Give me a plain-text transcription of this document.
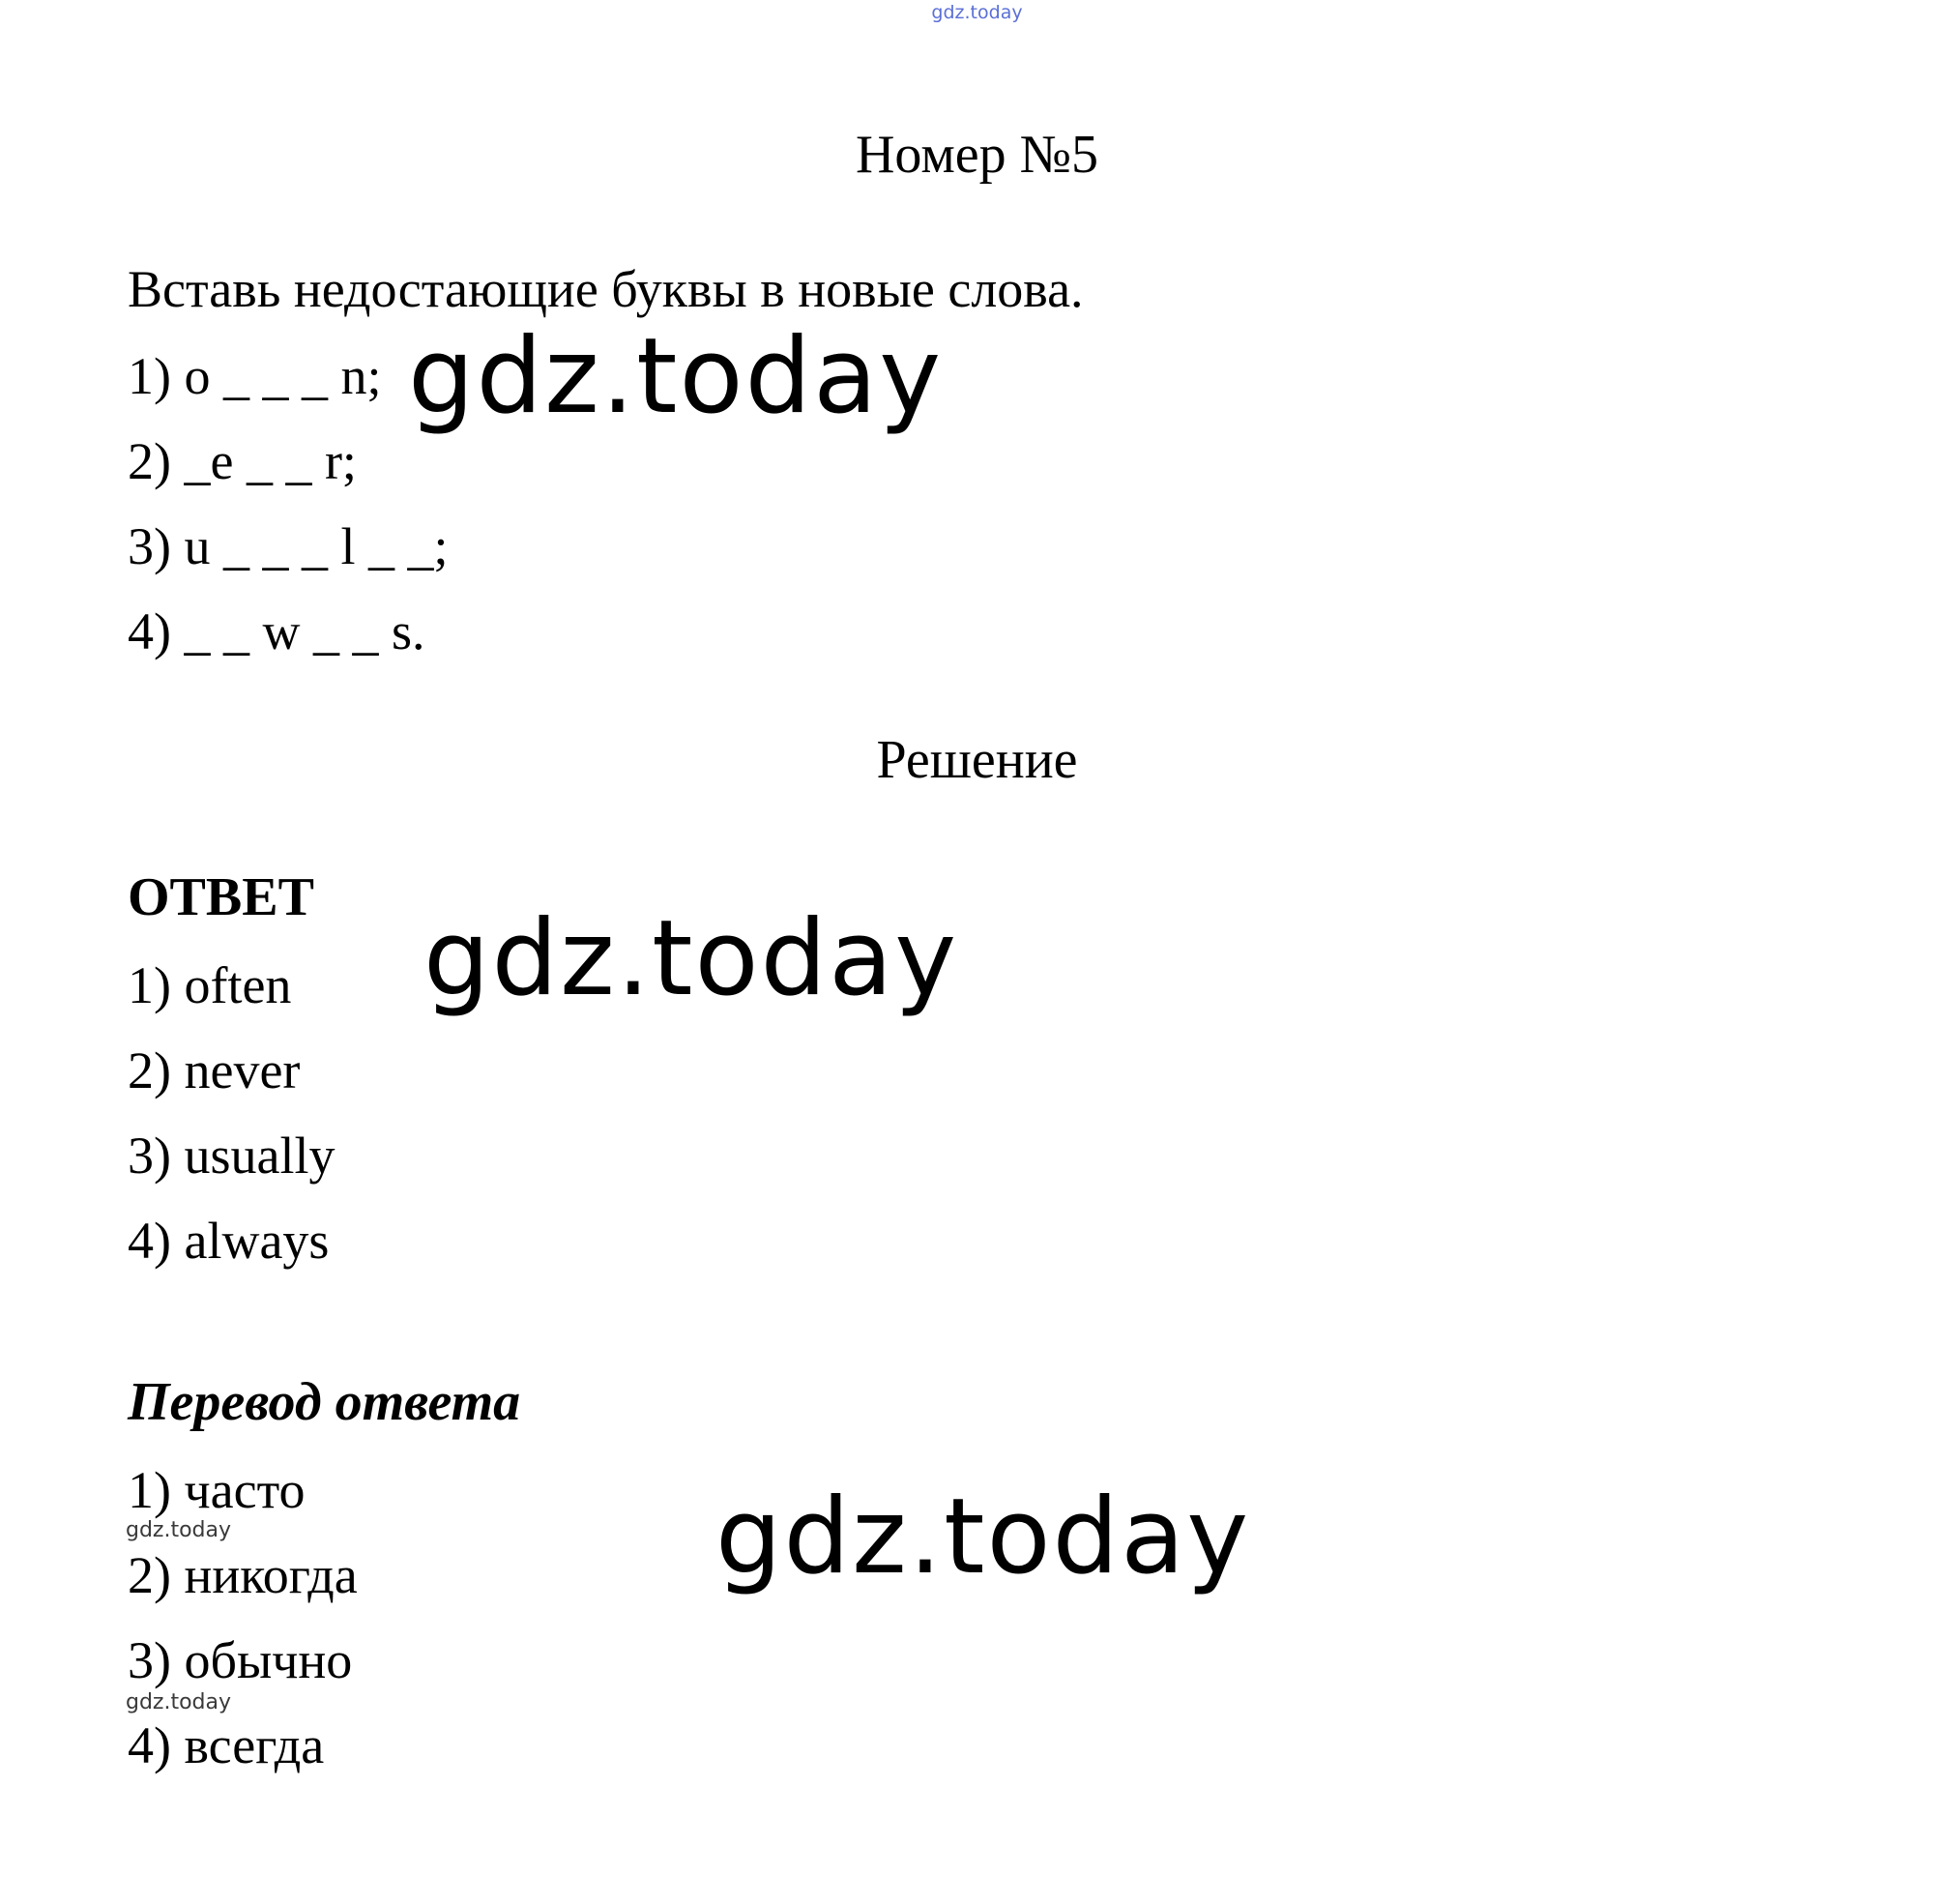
gdz.today
Номер №5
Вставь недостающие буквы в новые слова.
1) o _ _ _ n;
2) _e _ _ r;
3) u _ _ _ l _ _;
4) _ _ w _ _ s.
gdz.today
Решение
ОТВЕТ
1) often
2) never
3) usually
4) always
gdz.today
Перевод ответа
1) часто
gdz.today
2) никогда
3) обычно
gdz.today
4) всегда
gdz.today
